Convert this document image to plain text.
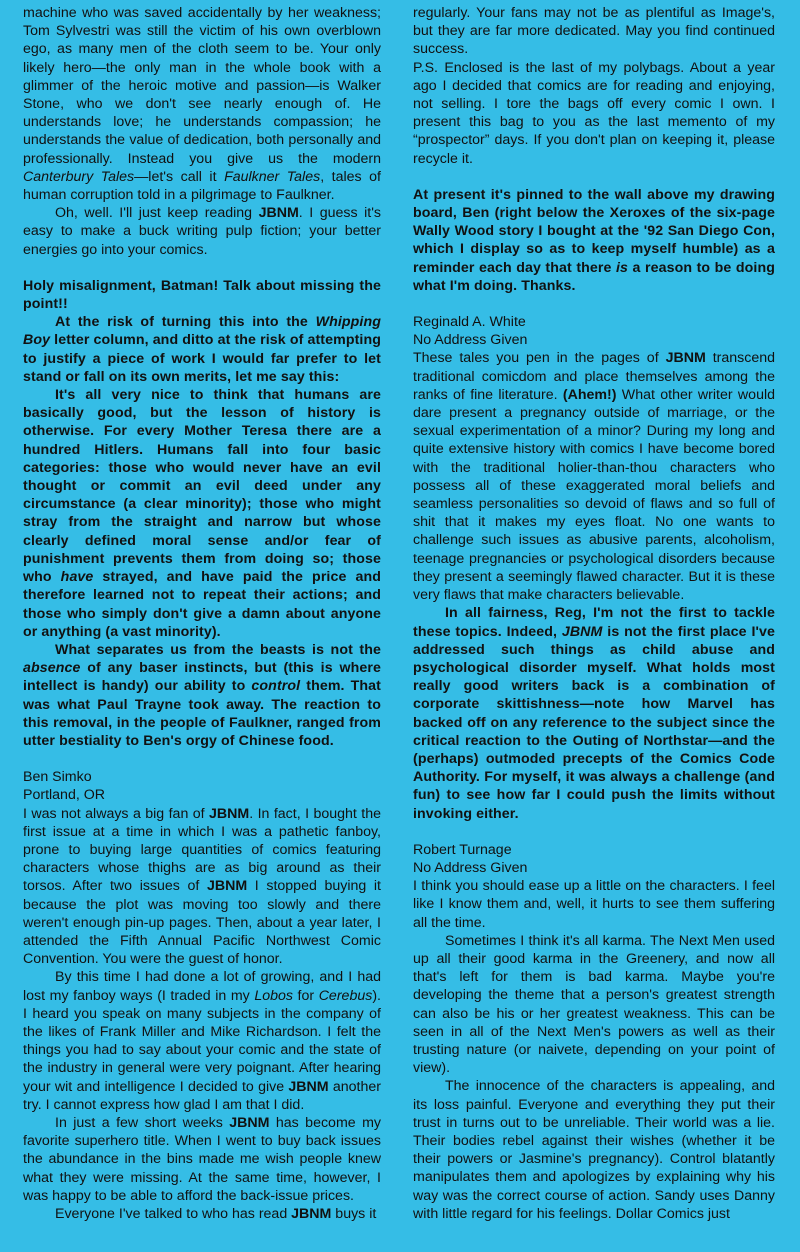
machine who was saved accidentally by her weakness; Tom Sylvestri was still the victim of his own overblown ego, as many men of the cloth seem to be. Your only likely hero—the only man in the whole book with a glimmer of the heroic motive and passion—is Walker Stone, who we don't see nearly enough of. He understands love; he understands compassion; he understands the value of dedication, both personally and professionally. Instead you give us the modern Canterbury Tales—let's call it Faulkner Tales, tales of human corruption told in a pilgrimage to Faulkner.

Oh, well. I'll just keep reading JBNM. I guess it's easy to make a buck writing pulp fiction; your better energies go into your comics.

Holy misalignment, Batman! Talk about missing the point!!

At the risk of turning this into the Whipping Boy letter column, and ditto at the risk of attempting to justify a piece of work I would far prefer to let stand or fall on its own merits, let me say this:

It's all very nice to think that humans are basically good, but the lesson of history is otherwise. For every Mother Teresa there are a hundred Hitlers. Humans fall into four basic categories: those who would never have an evil thought or commit an evil deed under any circumstance (a clear minority); those who might stray from the straight and narrow but whose clearly defined moral sense and/or fear of punishment prevents them from doing so; those who have strayed, and have paid the price and therefore learned not to repeat their actions; and those who simply don't give a damn about anyone or anything (a vast minority).

What separates us from the beasts is not the absence of any baser instincts, but (this is where intellect is handy) our ability to control them. That was what Paul Trayne took away. The reaction to this removal, in the people of Faulkner, ranged from utter bestiality to Ben's orgy of Chinese food.

Ben Simko

Portland, OR

I was not always a big fan of JBNM. In fact, I bought the first issue at a time in which I was a pathetic fanboy, prone to buying large quantities of comics featuring characters whose thighs are as big around as their torsos. After two issues of JBNM I stopped buying it because the plot was moving too slowly and there weren't enough pin-up pages. Then, about a year later, I attended the Fifth Annual Pacific Northwest Comic Convention. You were the guest of honor.

By this time I had done a lot of growing, and I had lost my fanboy ways (I traded in my Lobos for Cerebus). I heard you speak on many subjects in the company of the likes of Frank Miller and Mike Richardson. I felt the things you had to say about your comic and the state of the industry in general were very poignant. After hearing your wit and intelligence I decided to give JBNM another try. I cannot express how glad I am that I did.

In just a few short weeks JBNM has become my favorite superhero title. When I went to buy back issues the abundance in the bins made me wish people knew what they were missing. At the same time, however, I was happy to be able to afford the back-issue prices.

Everyone I've talked to who has read JBNM buys it

regularly. Your fans may not be as plentiful as Image's, but they are far more dedicated. May you find continued success.

P.S. Enclosed is the last of my polybags. About a year ago I decided that comics are for reading and enjoying, not selling. I tore the bags off every comic I own. I present this bag to you as the last memento of my “prospector” days. If you don't plan on keeping it, please recycle it.

At present it's pinned to the wall above my drawing board, Ben (right below the Xeroxes of the six-page Wally Wood story I bought at the '92 San Diego Con, which I display so as to keep myself humble) as a reminder each day that there is a reason to be doing what I'm doing. Thanks.

Reginald A. White

No Address Given

These tales you pen in the pages of JBNM transcend traditional comicdom and place themselves among the ranks of fine literature. (Ahem!) What other writer would dare present a pregnancy outside of marriage, or the sexual experimentation of a minor? During my long and quite extensive history with comics I have become bored with the traditional holier-than-thou characters who possess all of these exaggerated moral beliefs and seamless personalities so devoid of flaws and so full of shit that it makes my eyes float. No one wants to challenge such issues as abusive parents, alcoholism, teenage pregnancies or psychological disorders because they present a seemingly flawed character. But it is these very flaws that make characters believable.

In all fairness, Reg, I'm not the first to tackle these topics. Indeed, JBNM is not the first place I've addressed such things as child abuse and psychological disorder myself. What holds most really good writers back is a combination of corporate skittishness—note how Marvel has backed off on any reference to the subject since the critical reaction to the Outing of Northstar—and the (perhaps) outmoded precepts of the Comics Code Authority. For myself, it was always a challenge (and fun) to see how far I could push the limits without invoking either.

Robert Turnage

No Address Given

I think you should ease up a little on the characters. I feel like I know them and, well, it hurts to see them suffering all the time.

Sometimes I think it's all karma. The Next Men used up all their good karma in the Greenery, and now all that's left for them is bad karma. Maybe you're developing the theme that a person's greatest strength can also be his or her greatest weakness. This can be seen in all of the Next Men's powers as well as their trusting nature (or naivete, depending on your point of view).

The innocence of the characters is appealing, and its loss painful. Everyone and everything they put their trust in turns out to be unreliable. Their world was a lie. Their bodies rebel against their wishes (whether it be their powers or Jasmine's pregnancy). Control blatantly manipulates them and apologizes by explaining why his way was the correct course of action. Sandy uses Danny with little regard for his feelings. Dollar Comics just
